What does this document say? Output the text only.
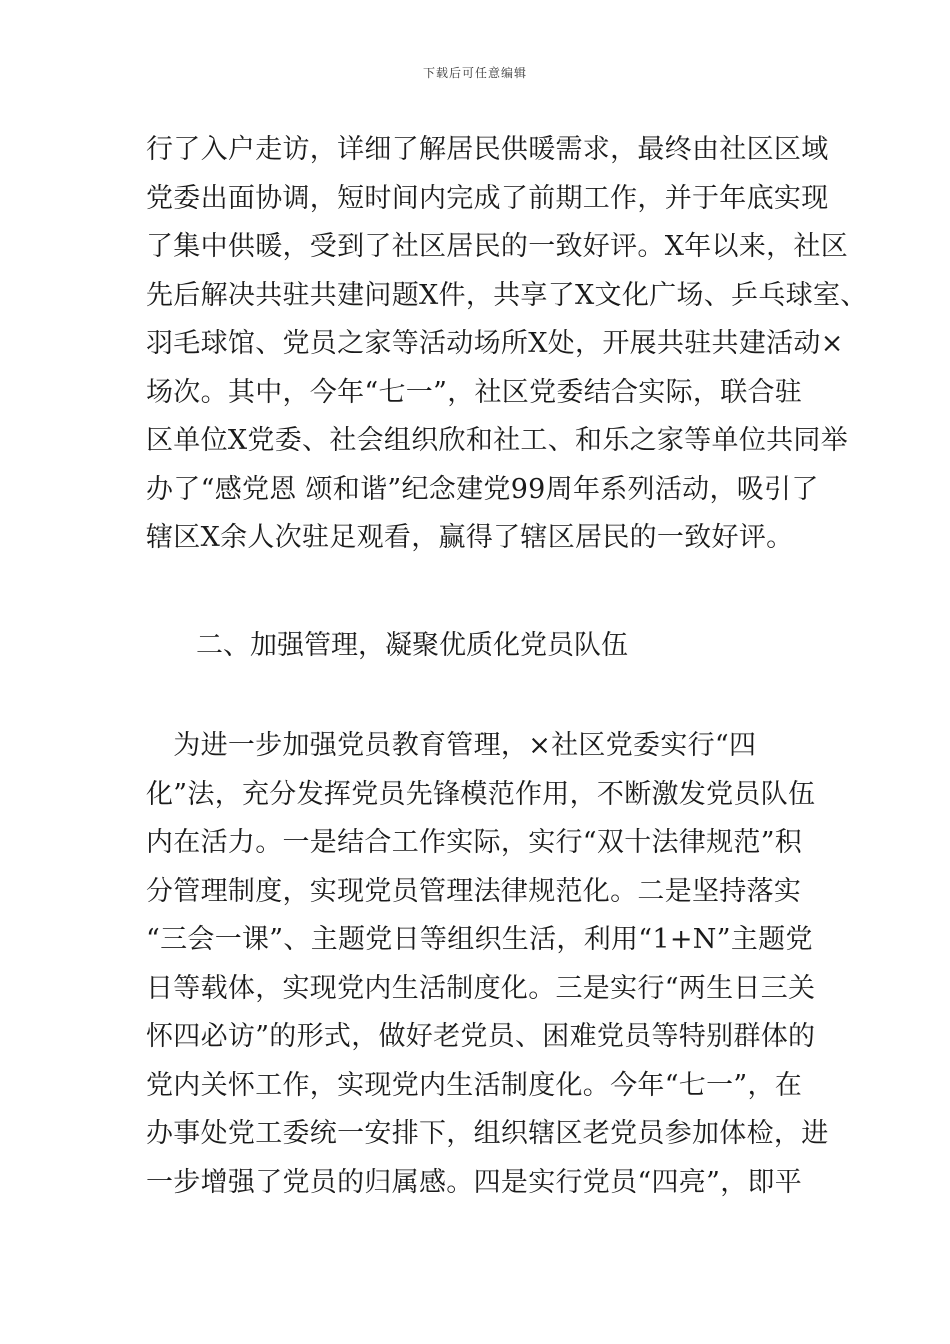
下载后可任意编辑
行了入户走访，详细了解居民供暖需求，最终由社区区域
党委出面协调，短时间内完成了前期工作，并于年底实现
了集中供暖，受到了社区居民的一致好评。X年以来，社区
先后解决共驻共建问题X件，共享了X文化广场、乒乓球室、
羽毛球馆、党员之家等活动场所X处，开展共驻共建活动×
场次。其中，今年“七一”，社区党委结合实际，联合驻
区单位X党委、社会组织欣和社工、和乐之家等单位共同举
办了“感党恩 颂和谐”纪念建党99周年系列活动，吸引了
辖区X余人次驻足观看，赢得了辖区居民的一致好评。
二、加强管理，凝聚优质化党员队伍
　为进一步加强党员教育管理，×社区党委实行“四
化”法，充分发挥党员先锋模范作用，不断激发党员队伍
内在活力。一是结合工作实际，实行“双十法律规范”积
分管理制度，实现党员管理法律规范化。二是坚持落实
“三会一课”、主题党日等组织生活，利用“1+N”主题党
日等载体，实现党内生活制度化。三是实行“两生日三关
怀四必访”的形式，做好老党员、困难党员等特别群体的
党内关怀工作，实现党内生活制度化。今年“七一”，在
办事处党工委统一安排下，组织辖区老党员参加体检，进
一步增强了党员的归属感。四是实行党员“四亮”，即平
